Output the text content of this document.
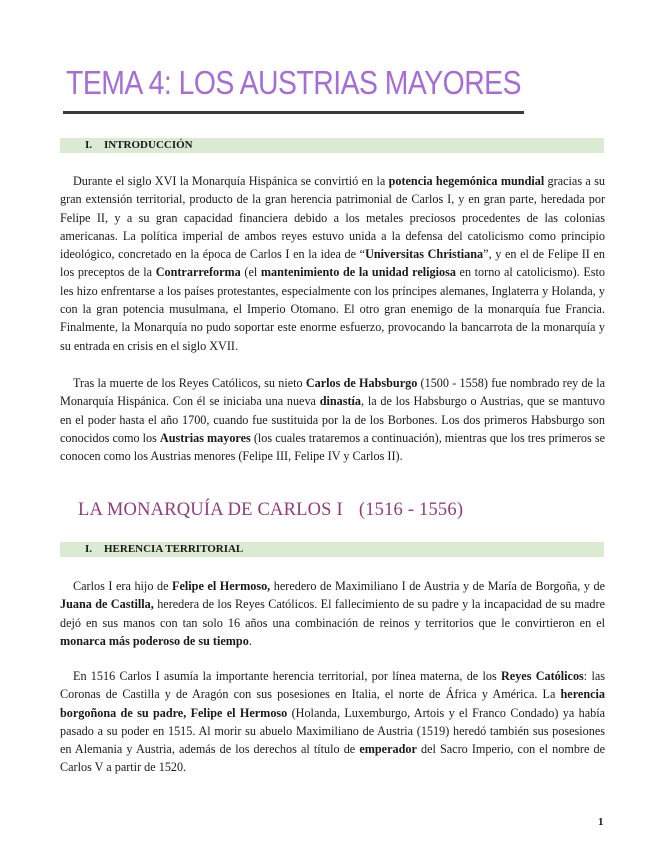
TEMA 4: LOS AUSTRIAS MAYORES
I. INTRODUCCIÓN

Durante el siglo XVI la Monarquía Hispánica se convirtió en la potencia hegemónica mundial gracias a su gran extensión territorial, producto de la gran herencia patrimonial de Carlos I, y en gran parte, heredada por Felipe II, y a su gran capacidad financiera debido a los metales preciosos procedentes de las colonias americanas. La política imperial de ambos reyes estuvo unida a la defensa del catolicismo como principio ideológico, concretado en la época de Carlos I en la idea de “Universitas Christiana”, y en el de Felipe II en los preceptos de la Contrarreforma (el mantenimiento de la unidad religiosa en torno al catolicismo). Esto les hizo enfrentarse a los países protestantes, especialmente con los príncipes alemanes, Inglaterra y Holanda, y con la gran potencia musulmana, el Imperio Otomano. El otro gran enemigo de la monarquía fue Francia. Finalmente, la Monarquía no pudo soportar este enorme esfuerzo, provocando la bancarrota de la monarquía y su entrada en crisis en el siglo XVII.

Tras la muerte de los Reyes Católicos, su nieto Carlos de Habsburgo (1500 - 1558) fue nombrado rey de la Monarquía Hispánica. Con él se iniciaba una nueva dinastía, la de los Habsburgo o Austrias, que se mantuvo en el poder hasta el año 1700, cuando fue sustituida por la de los Borbones. Los dos primeros Habsburgo son conocidos como los Austrias mayores (los cuales trataremos a continuación), mientras que los tres primeros se conocen como los Austrias menores (Felipe III, Felipe IV y Carlos II).

LA MONARQUÍA DE CARLOS I (1516 - 1556)
I. HERENCIA TERRITORIAL

Carlos I era hijo de Felipe el Hermoso, heredero de Maximiliano I de Austria y de María de Borgoña, y de Juana de Castilla, heredera de los Reyes Católicos. El fallecimiento de su padre y la incapacidad de su madre dejó en sus manos con tan solo 16 años una combinación de reinos y territorios que le convirtieron en el monarca más poderoso de su tiempo.

En 1516 Carlos I asumía la importante herencia territorial, por línea materna, de los Reyes Católicos: las Coronas de Castilla y de Aragón con sus posesiones en Italia, el norte de África y América. La herencia borgoñona de su padre, Felipe el Hermoso (Holanda, Luxemburgo, Artois y el Franco Condado) ya había pasado a su poder en 1515. Al morir su abuelo Maximiliano de Austria (1519) heredó también sus posesiones en Alemania y Austria, además de los derechos al título de emperador del Sacro Imperio, con el nombre de Carlos V a partir de 1520.

1
